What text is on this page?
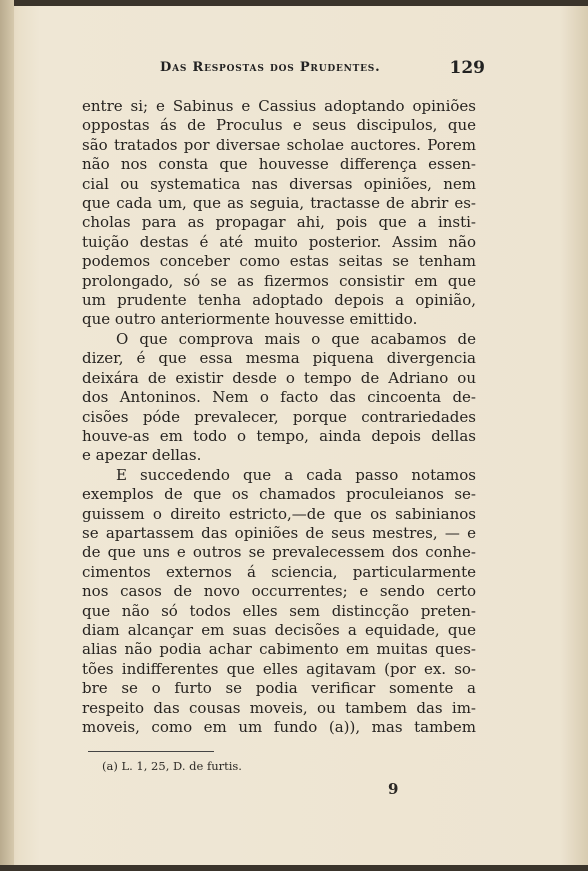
Das Respostas dos Prudentes.	129
entre si; e Sabinus e Cassius adoptando opiniões
oppostas ás de Proculus e seus discipulos, que
são tratados por diversae scholae auctores. Porem
não nos consta que houvesse differença essen-
cial ou systematica nas diversas opiniões, nem
que cada um, que as seguia, tractasse de abrir es-
cholas para as propagar ahi, pois que a insti-
tuição destas é até muito posterior. Assim não
podemos conceber como estas seitas se tenham
prolongado, só se as fizermos consistir em que
um prudente tenha adoptado depois a opinião,
que outro anteriormente houvesse emittido.
O que comprova mais o que acabamos de
dizer, é que essa mesma piquena divergencia
deixára de existir desde o tempo de Adriano ou
dos Antoninos. Nem o facto das cincoenta de-
cisões póde prevalecer, porque contrariedades
houve-as em todo o tempo, ainda depois dellas
e apezar dellas.
E succedendo que a cada passo notamos
exemplos de que os chamados proculeianos se-
guissem o direito estricto,—de que os sabinianos
se apartassem das opiniões de seus mestres, — e
de que uns e outros se prevalecessem dos conhe-
cimentos externos á sciencia, particularmente
nos casos de novo occurrentes; e sendo certo
que não só todos elles sem distincção preten-
diam alcançar em suas decisões a equidade, que
alias não podia achar cabimento em muitas ques-
tões indifferentes que elles agitavam (por ex. so-
bre se o furto se podia verificar somente a
respeito das cousas moveis, ou tambem das im-
moveis, como em um fundo (a)), mas tambem
(a) L. 1, 25, D. de furtis.
9
